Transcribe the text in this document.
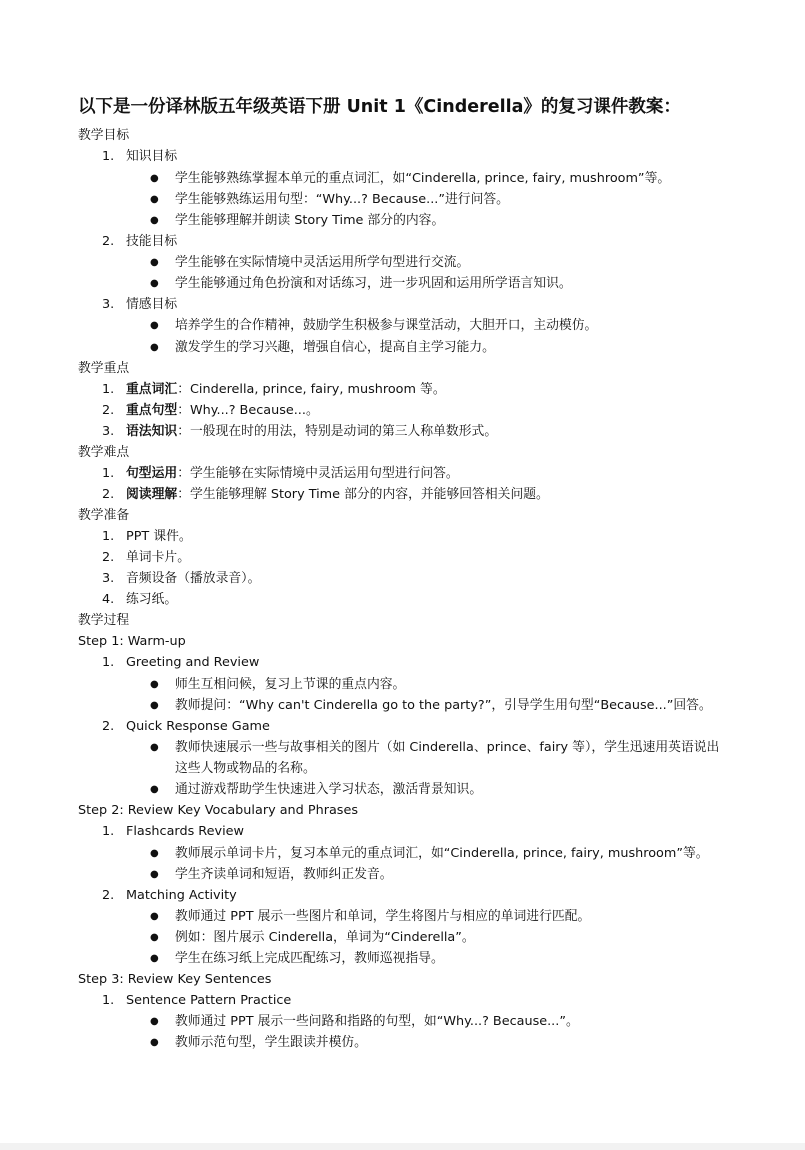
以下是一份译林版五年级英语下册 Unit 1《Cinderella》的复习课件教案：
教学目标
1. 知识目标
● 学生能够熟练掌握本单元的重点词汇，如“Cinderella, prince, fairy, mushroom”等。
● 学生能够熟练运用句型：“Why...? Because...”进行问答。
● 学生能够理解并朗读 Story Time 部分的内容。
2. 技能目标
● 学生能够在实际情境中灵活运用所学句型进行交流。
● 学生能够通过角色扮演和对话练习，进一步巩固和运用所学语言知识。
3. 情感目标
● 培养学生的合作精神，鼓励学生积极参与课堂活动，大胆开口，主动模仿。
● 激发学生的学习兴趣，增强自信心，提高自主学习能力。
教学重点
1. 重点词汇：Cinderella, prince, fairy, mushroom 等。
2. 重点句型：Why...? Because...。
3. 语法知识：一般现在时的用法，特别是动词的第三人称单数形式。
教学难点
1. 句型运用：学生能够在实际情境中灵活运用句型进行问答。
2. 阅读理解：学生能够理解 Story Time 部分的内容，并能够回答相关问题。
教学准备
1. PPT 课件。
2. 单词卡片。
3. 音频设备（播放录音）。
4. 练习纸。
教学过程
Step 1: Warm-up
1. Greeting and Review
● 师生互相问候，复习上节课的重点内容。
● 教师提问：“Why can't Cinderella go to the party?”，引导学生用句型“Because...”回答。
2. Quick Response Game
● 教师快速展示一些与故事相关的图片（如 Cinderella、prince、fairy 等），学生迅速用英语说出这些人物或物品的名称。
● 通过游戏帮助学生快速进入学习状态，激活背景知识。
Step 2: Review Key Vocabulary and Phrases
1. Flashcards Review
● 教师展示单词卡片，复习本单元的重点词汇，如“Cinderella, prince, fairy, mushroom”等。
● 学生齐读单词和短语，教师纠正发音。
2. Matching Activity
● 教师通过 PPT 展示一些图片和单词，学生将图片与相应的单词进行匹配。
● 例如：图片展示 Cinderella，单词为“Cinderella”。
● 学生在练习纸上完成匹配练习，教师巡视指导。
Step 3: Review Key Sentences
1. Sentence Pattern Practice
● 教师通过 PPT 展示一些问路和指路的句型，如“Why...? Because...”。
● 教师示范句型，学生跟读并模仿。
